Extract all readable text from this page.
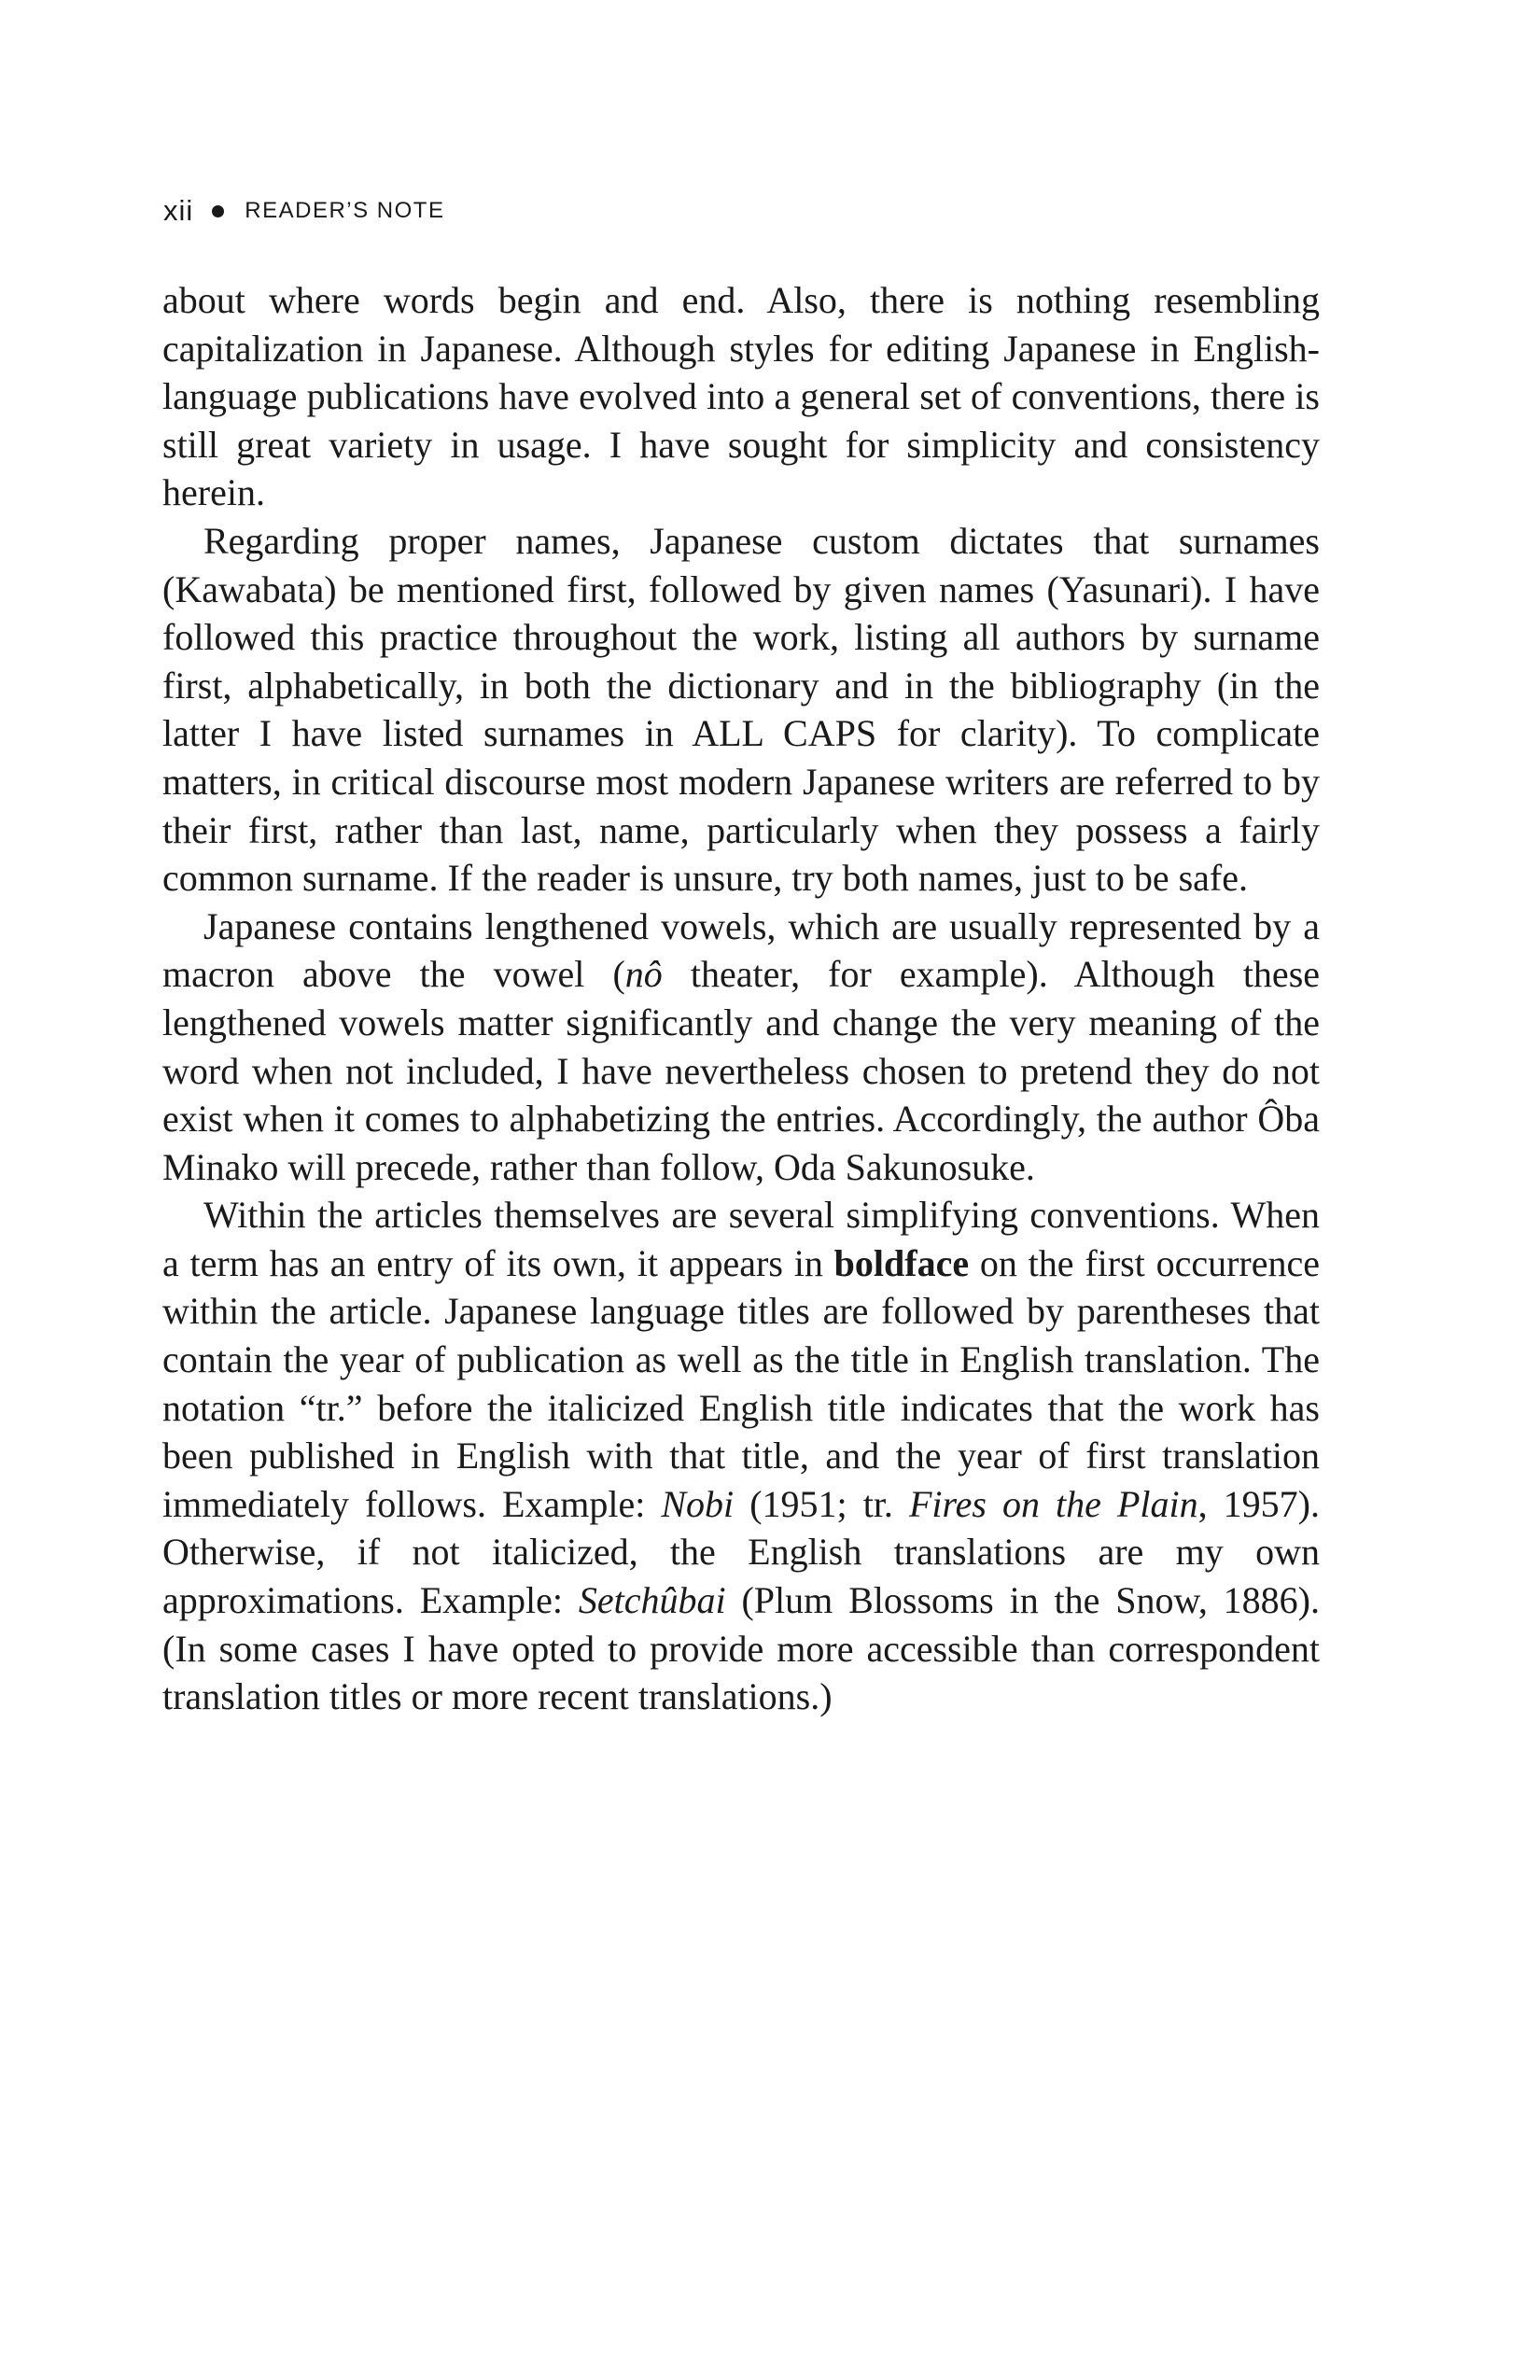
xii READER’S NOTE

about where words begin and end. Also, there is nothing resembling capitalization in Japanese. Although styles for editing Japanese in English-language publications have evolved into a general set of conventions, there is still great variety in usage. I have sought for simplicity and consistency herein.

Regarding proper names, Japanese custom dictates that surnames (Kawabata) be mentioned first, followed by given names (Yasunari). I have followed this practice throughout the work, listing all authors by surname first, alphabetically, in both the dictionary and in the bibliography (in the latter I have listed surnames in ALL CAPS for clarity). To complicate matters, in critical discourse most modern Japanese writers are referred to by their first, rather than last, name, particularly when they possess a fairly common surname. If the reader is unsure, try both names, just to be safe.

Japanese contains lengthened vowels, which are usually represented by a macron above the vowel (nô theater, for example). Although these lengthened vowels matter significantly and change the very meaning of the word when not included, I have nevertheless chosen to pretend they do not exist when it comes to alphabetizing the entries. Accordingly, the author Ôba Minako will precede, rather than follow, Oda Sakunosuke.

Within the articles themselves are several simplifying conventions. When a term has an entry of its own, it appears in boldface on the first occurrence within the article. Japanese language titles are followed by parentheses that contain the year of publication as well as the title in English translation. The notation “tr.” before the italicized English title indicates that the work has been published in English with that title, and the year of first translation immediately follows. Example: Nobi (1951; tr. Fires on the Plain, 1957). Otherwise, if not italicized, the English translations are my own approximations. Example: Setchûbai (Plum Blossoms in the Snow, 1886). (In some cases I have opted to provide more accessible than correspondent translation titles or more recent translations.)
